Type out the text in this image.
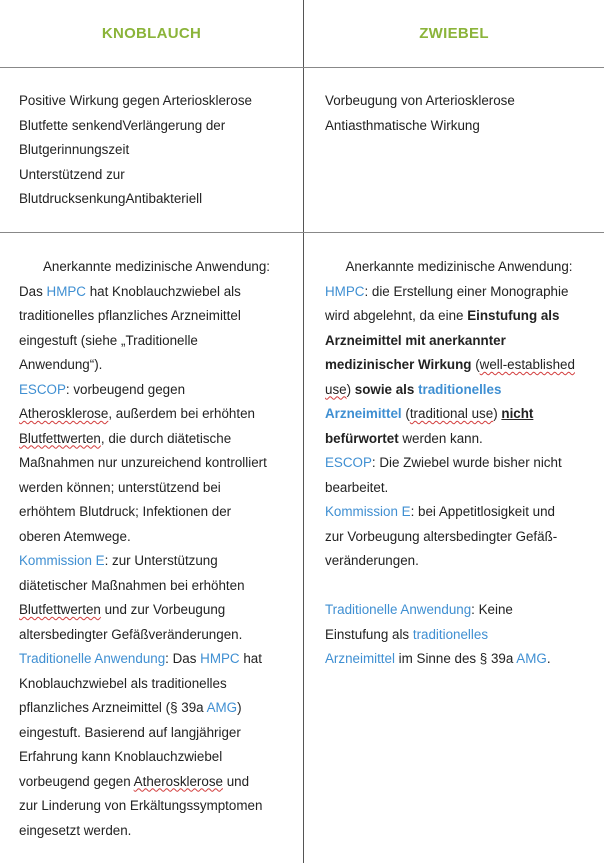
KNOBLAUCH	ZWIEBEL
Positive Wirkung gegen Arteriosklerose
Blutfette senkendVerlängerung der
Blutgerinnungszeit
Unterstützend zur
BlutdrucksenkungAntibakteriell
Vorbeugung von Arteriosklerose
Antiasthmatische Wirkung
Anerkannte medizinische Anwendung:
Das HMPC hat Knoblauchzwiebel als
traditionelles pflanzliches Arzneimittel
eingestuft (siehe „Traditionelle
Anwendung“).
ESCOP: vorbeugend gegen
Atherosklerose, außerdem bei erhöhten
Blutfettwerten, die durch diätetische
Maßnahmen nur unzureichend kontrolliert
werden können; unterstützend bei
erhöhtem Blutdruck; Infektionen der
oberen Atemwege.
Kommission E: zur Unterstützung
diätetischer Maßnahmen bei erhöhten
Blutfettwerten und zur Vorbeugung
altersbedingter Gefäßveränderungen.
Traditionelle Anwendung: Das HMPC hat
Knoblauchzwiebel als traditionelles
pflanzliches Arzneimittel (§ 39a AMG)
eingestuft. Basierend auf langjähriger
Erfahrung kann Knoblauchzwiebel
vorbeugend gegen Atherosklerose und
zur Linderung von Erkältungssymptomen
eingesetzt werden.
Anerkannte medizinische Anwendung:
HMPC: die Erstellung einer Monographie
wird abgelehnt, da eine Einstufung als
Arzneimittel mit anerkannter
medizinischer Wirkung (well-established
use) sowie als traditionelles
Arzneimittel (traditional use) nicht
befürwortet werden kann.
ESCOP: Die Zwiebel wurde bisher nicht
bearbeitet.
Kommission E: bei Appetitlosigkeit und
zur Vorbeugung altersbedingter Gefäß-
veränderungen.

Traditionelle Anwendung: Keine
Einstufung als traditionelles
Arzneimittel im Sinne des § 39a AMG.
